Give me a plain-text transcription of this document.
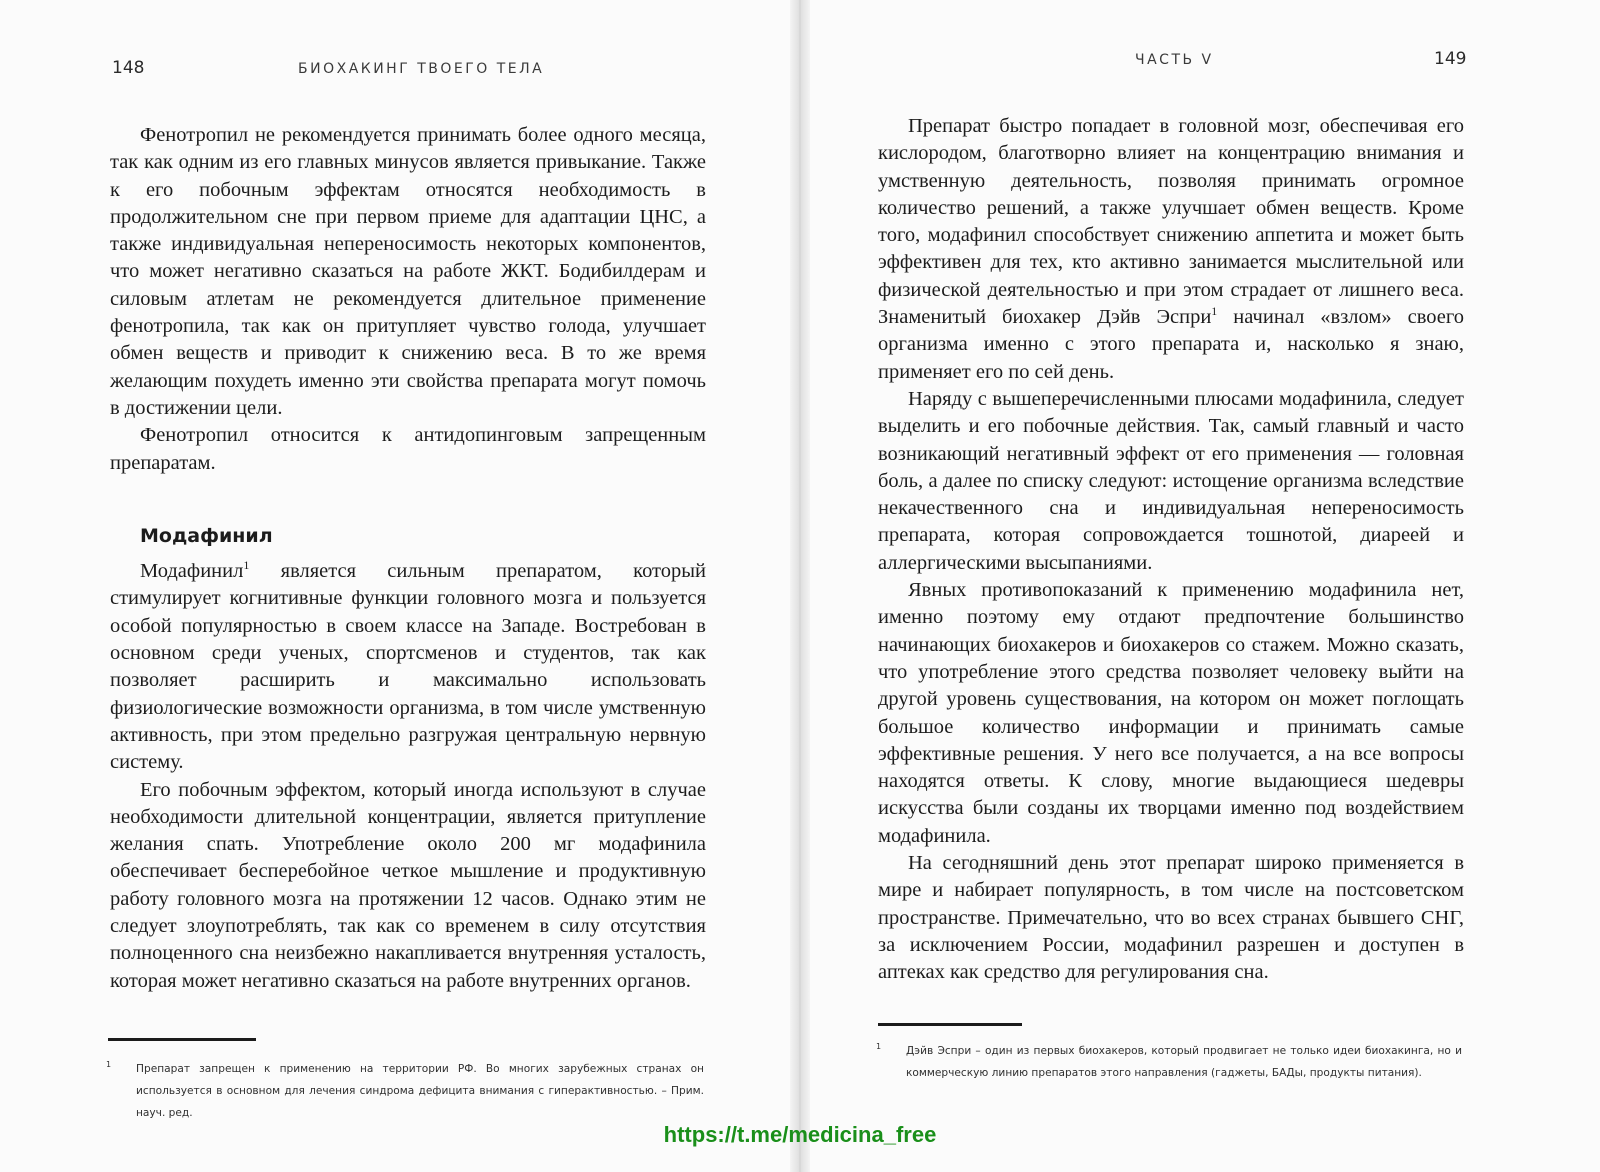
148	БИОХАКИНГ ТВОЕГО ТЕЛА

Фенотропил не рекомендуется принимать более одного месяца, так как одним из его главных минусов является привыкание. Также к его побочным эффектам относятся необходимость в продолжительном сне при первом приеме для адаптации ЦНС, а также индивидуальная непереносимость некоторых компонентов, что может негативно сказаться на работе ЖКТ. Бодибилдерам и силовым атлетам не рекомендуется длительное применение фенотропила, так как он притупляет чувство голода, улучшает обмен веществ и приводит к снижению веса. В то же время желающим похудеть именно эти свойства препарата могут помочь в достижении цели.

Фенотропил относится к антидопинговым запрещенным препаратам.

Модафинил

Модафинил$^1$ является сильным препаратом, который стимулирует когнитивные функции головного мозга и пользуется особой популярностью в своем классе на Западе. Востребован в основном среди ученых, спортсменов и студентов, так как позволяет расширить и максимально использовать физиологические возможности организма, в том числе умственную активность, при этом предельно разгружая центральную нервную систему.

Его побочным эффектом, который иногда используют в случае необходимости длительной концентрации, является притупление желания спать. Употребление около 200 мг модафинила обеспечивает бесперебойное четкое мышление и продуктивную работу головного мозга на протяжении 12 часов. Однако этим не следует злоупотреблять, так как со временем в силу отсутствия полноценного сна неизбежно накапливается внутренняя усталость, которая может негативно сказаться на работе внутренних органов.

1 Препарат запрещен к применению на территории РФ. Во многих зарубежных странах он используется в основном для лечения синдрома дефицита внимания с гиперактивностью. – Прим. науч. ред.
ЧАСТЬ V	149

Препарат быстро попадает в головной мозг, обеспечивая его кислородом, благотворно влияет на концентрацию внимания и умственную деятельность, позволяя принимать огромное количество решений, а также улучшает обмен веществ. Кроме того, модафинил способствует снижению аппетита и может быть эффективен для тех, кто активно занимается мыслительной или физической деятельностью и при этом страдает от лишнего веса. Знаменитый биохакер Дэйв Эспри$^1$ начинал «взлом» своего организма именно с этого препарата и, насколько я знаю, применяет его по сей день.

Наряду с вышеперечисленными плюсами модафинила, следует выделить и его побочные действия. Так, самый главный и часто возникающий негативный эффект от его применения — головная боль, а далее по списку следуют: истощение организма вследствие некачественного сна и индивидуальная непереносимость препарата, которая сопровождается тошнотой, диареей и аллергическими высыпаниями.

Явных противопоказаний к применению модафинила нет, именно поэтому ему отдают предпочтение большинство начинающих биохакеров и биохакеров со стажем. Можно сказать, что употребление этого средства позволяет человеку выйти на другой уровень существования, на котором он может поглощать большое количество информации и принимать самые эффективные решения. У него все получается, а на все вопросы находятся ответы. К слову, многие выдающиеся шедевры искусства были созданы их творцами именно под воздействием модафинила.

На сегодняшний день этот препарат широко применяется в мире и набирает популярность, в том числе на постсоветском пространстве. Примечательно, что во всех странах бывшего СНГ, за исключением России, модафинил разрешен и доступен в аптеках как средство для регулирования сна.

1 Дэйв Эспри – один из первых биохакеров, который продвигает не только идеи биохакинга, но и коммерческую линию препаратов этого направления (гаджеты, БАДы, продукты питания).
https://t.me/medicina_free
